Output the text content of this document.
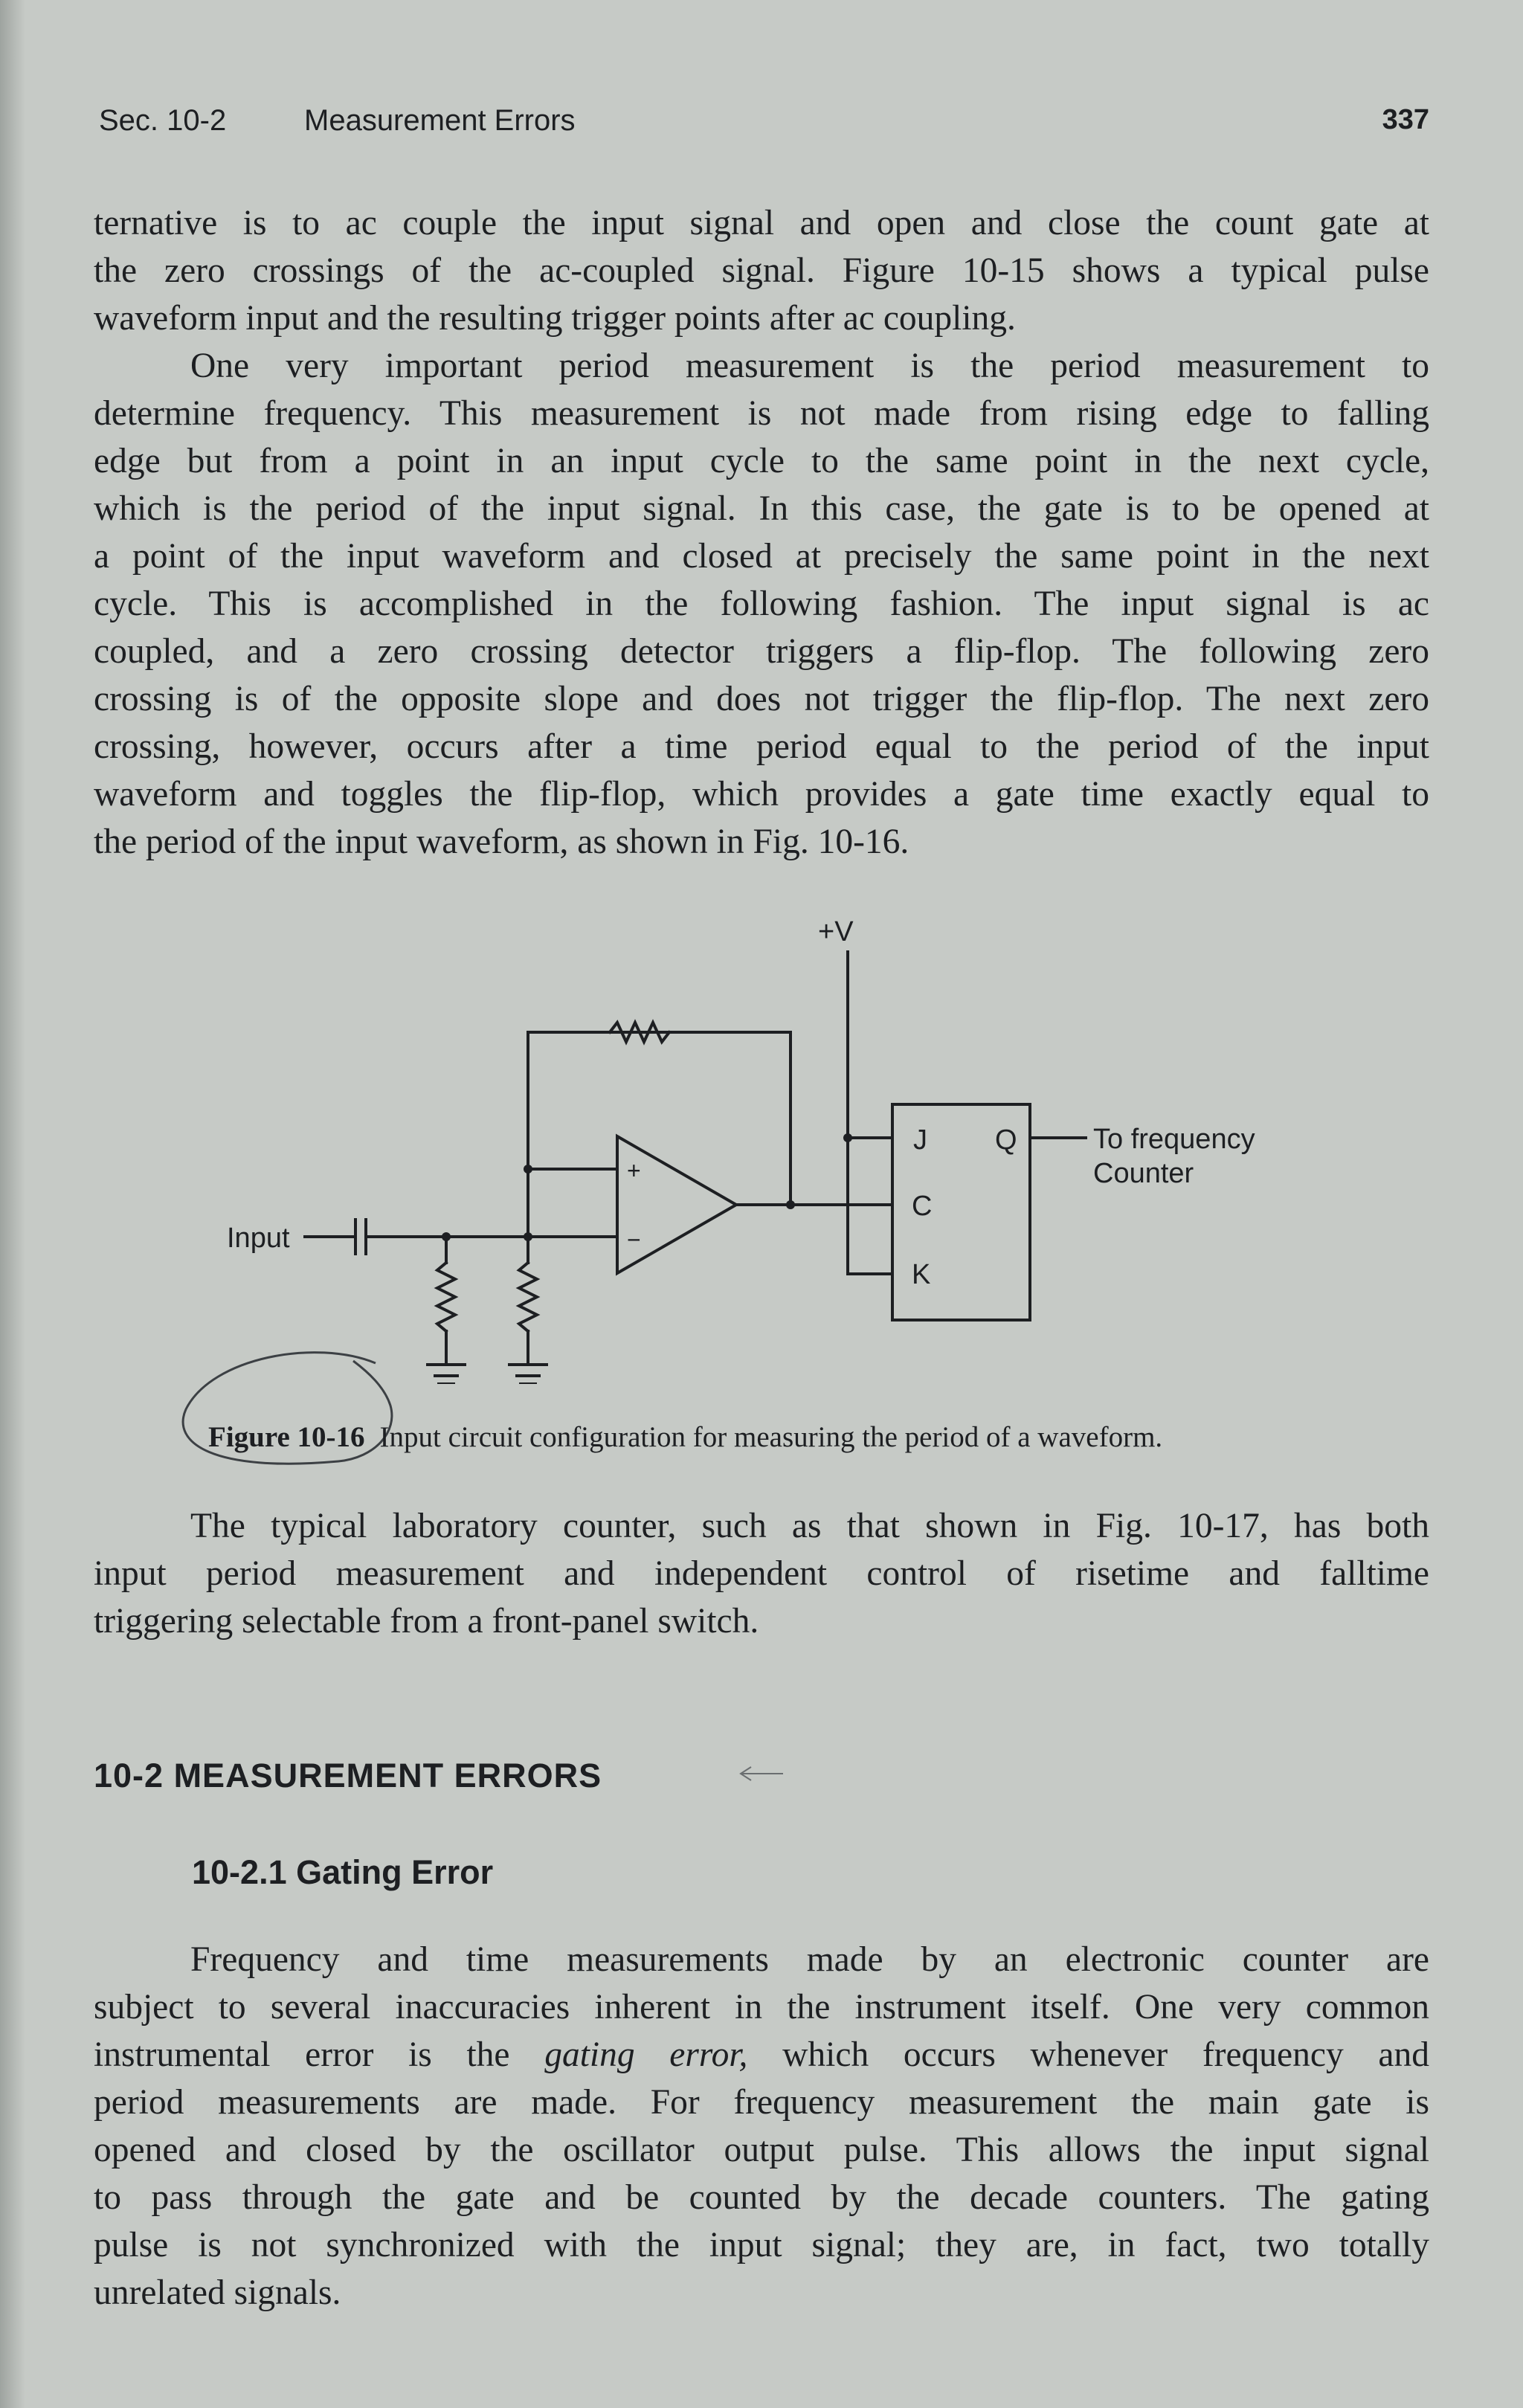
Sec. 10-2	Measurement Errors	337
ternative is to ac couple the input signal and open and close the count gate at
the zero crossings of the ac-coupled signal. Figure 10-15 shows a typical pulse
waveform input and the resulting trigger points after ac coupling.
One very important period measurement is the period measurement to
determine frequency. This measurement is not made from rising edge to falling
edge but from a point in an input cycle to the same point in the next cycle,
which is the period of the input signal. In this case, the gate is to be opened at
a point of the input waveform and closed at precisely the same point in the next
cycle. This is accomplished in the following fashion. The input signal is ac
coupled, and a zero crossing detector triggers a flip-flop. The following zero
crossing is of the opposite slope and does not trigger the flip-flop. The next zero
crossing, however, occurs after a time period equal to the period of the input
waveform and toggles the flip-flop, which provides a gate time exactly equal to
the period of the input waveform, as shown in Fig. 10-16.
+V
Input
+
−
J Q
C
K
To frequency
Counter
Figure 10-16 Input circuit configuration for measuring the period of a waveform.
The typical laboratory counter, such as that shown in Fig. 10-17, has both
input period measurement and independent control of risetime and falltime
triggering selectable from a front-panel switch.
10-2 MEASUREMENT ERRORS
10-2.1 Gating Error
Frequency and time measurements made by an electronic counter are
subject to several inaccuracies inherent in the instrument itself. One very common
instrumental error is the gating error, which occurs whenever frequency and
period measurements are made. For frequency measurement the main gate is
opened and closed by the oscillator output pulse. This allows the input signal
to pass through the gate and be counted by the decade counters. The gating
pulse is not synchronized with the input signal; they are, in fact, two totally
unrelated signals.
